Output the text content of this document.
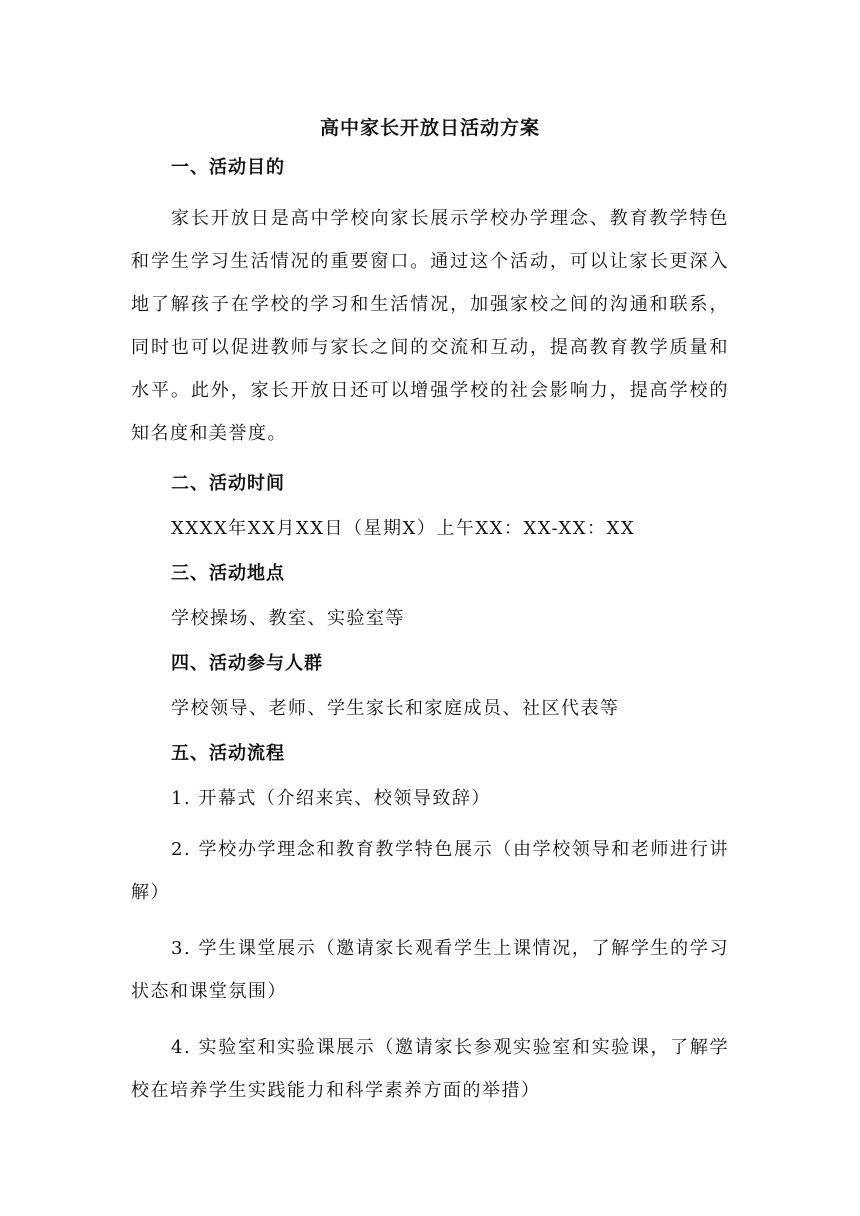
高中家长开放日活动方案
一、活动目的
家长开放日是高中学校向家长展示学校办学理念、教育教学特色和学生学习生活情况的重要窗口。通过这个活动，可以让家长更深入地了解孩子在学校的学习和生活情况，加强家校之间的沟通和联系，同时也可以促进教师与家长之间的交流和互动，提高教育教学质量和水平。此外，家长开放日还可以增强学校的社会影响力，提高学校的知名度和美誉度。
二、活动时间
XXXX年XX月XX日（星期X）上午XX：XX-XX：XX
三、活动地点
学校操场、教室、实验室等
四、活动参与人群
学校领导、老师、学生家长和家庭成员、社区代表等
五、活动流程
1. 开幕式（介绍来宾、校领导致辞）
2. 学校办学理念和教育教学特色展示（由学校领导和老师进行讲解）
3. 学生课堂展示（邀请家长观看学生上课情况，了解学生的学习状态和课堂氛围）
4. 实验室和实验课展示（邀请家长参观实验室和实验课，了解学校在培养学生实践能力和科学素养方面的举措）
